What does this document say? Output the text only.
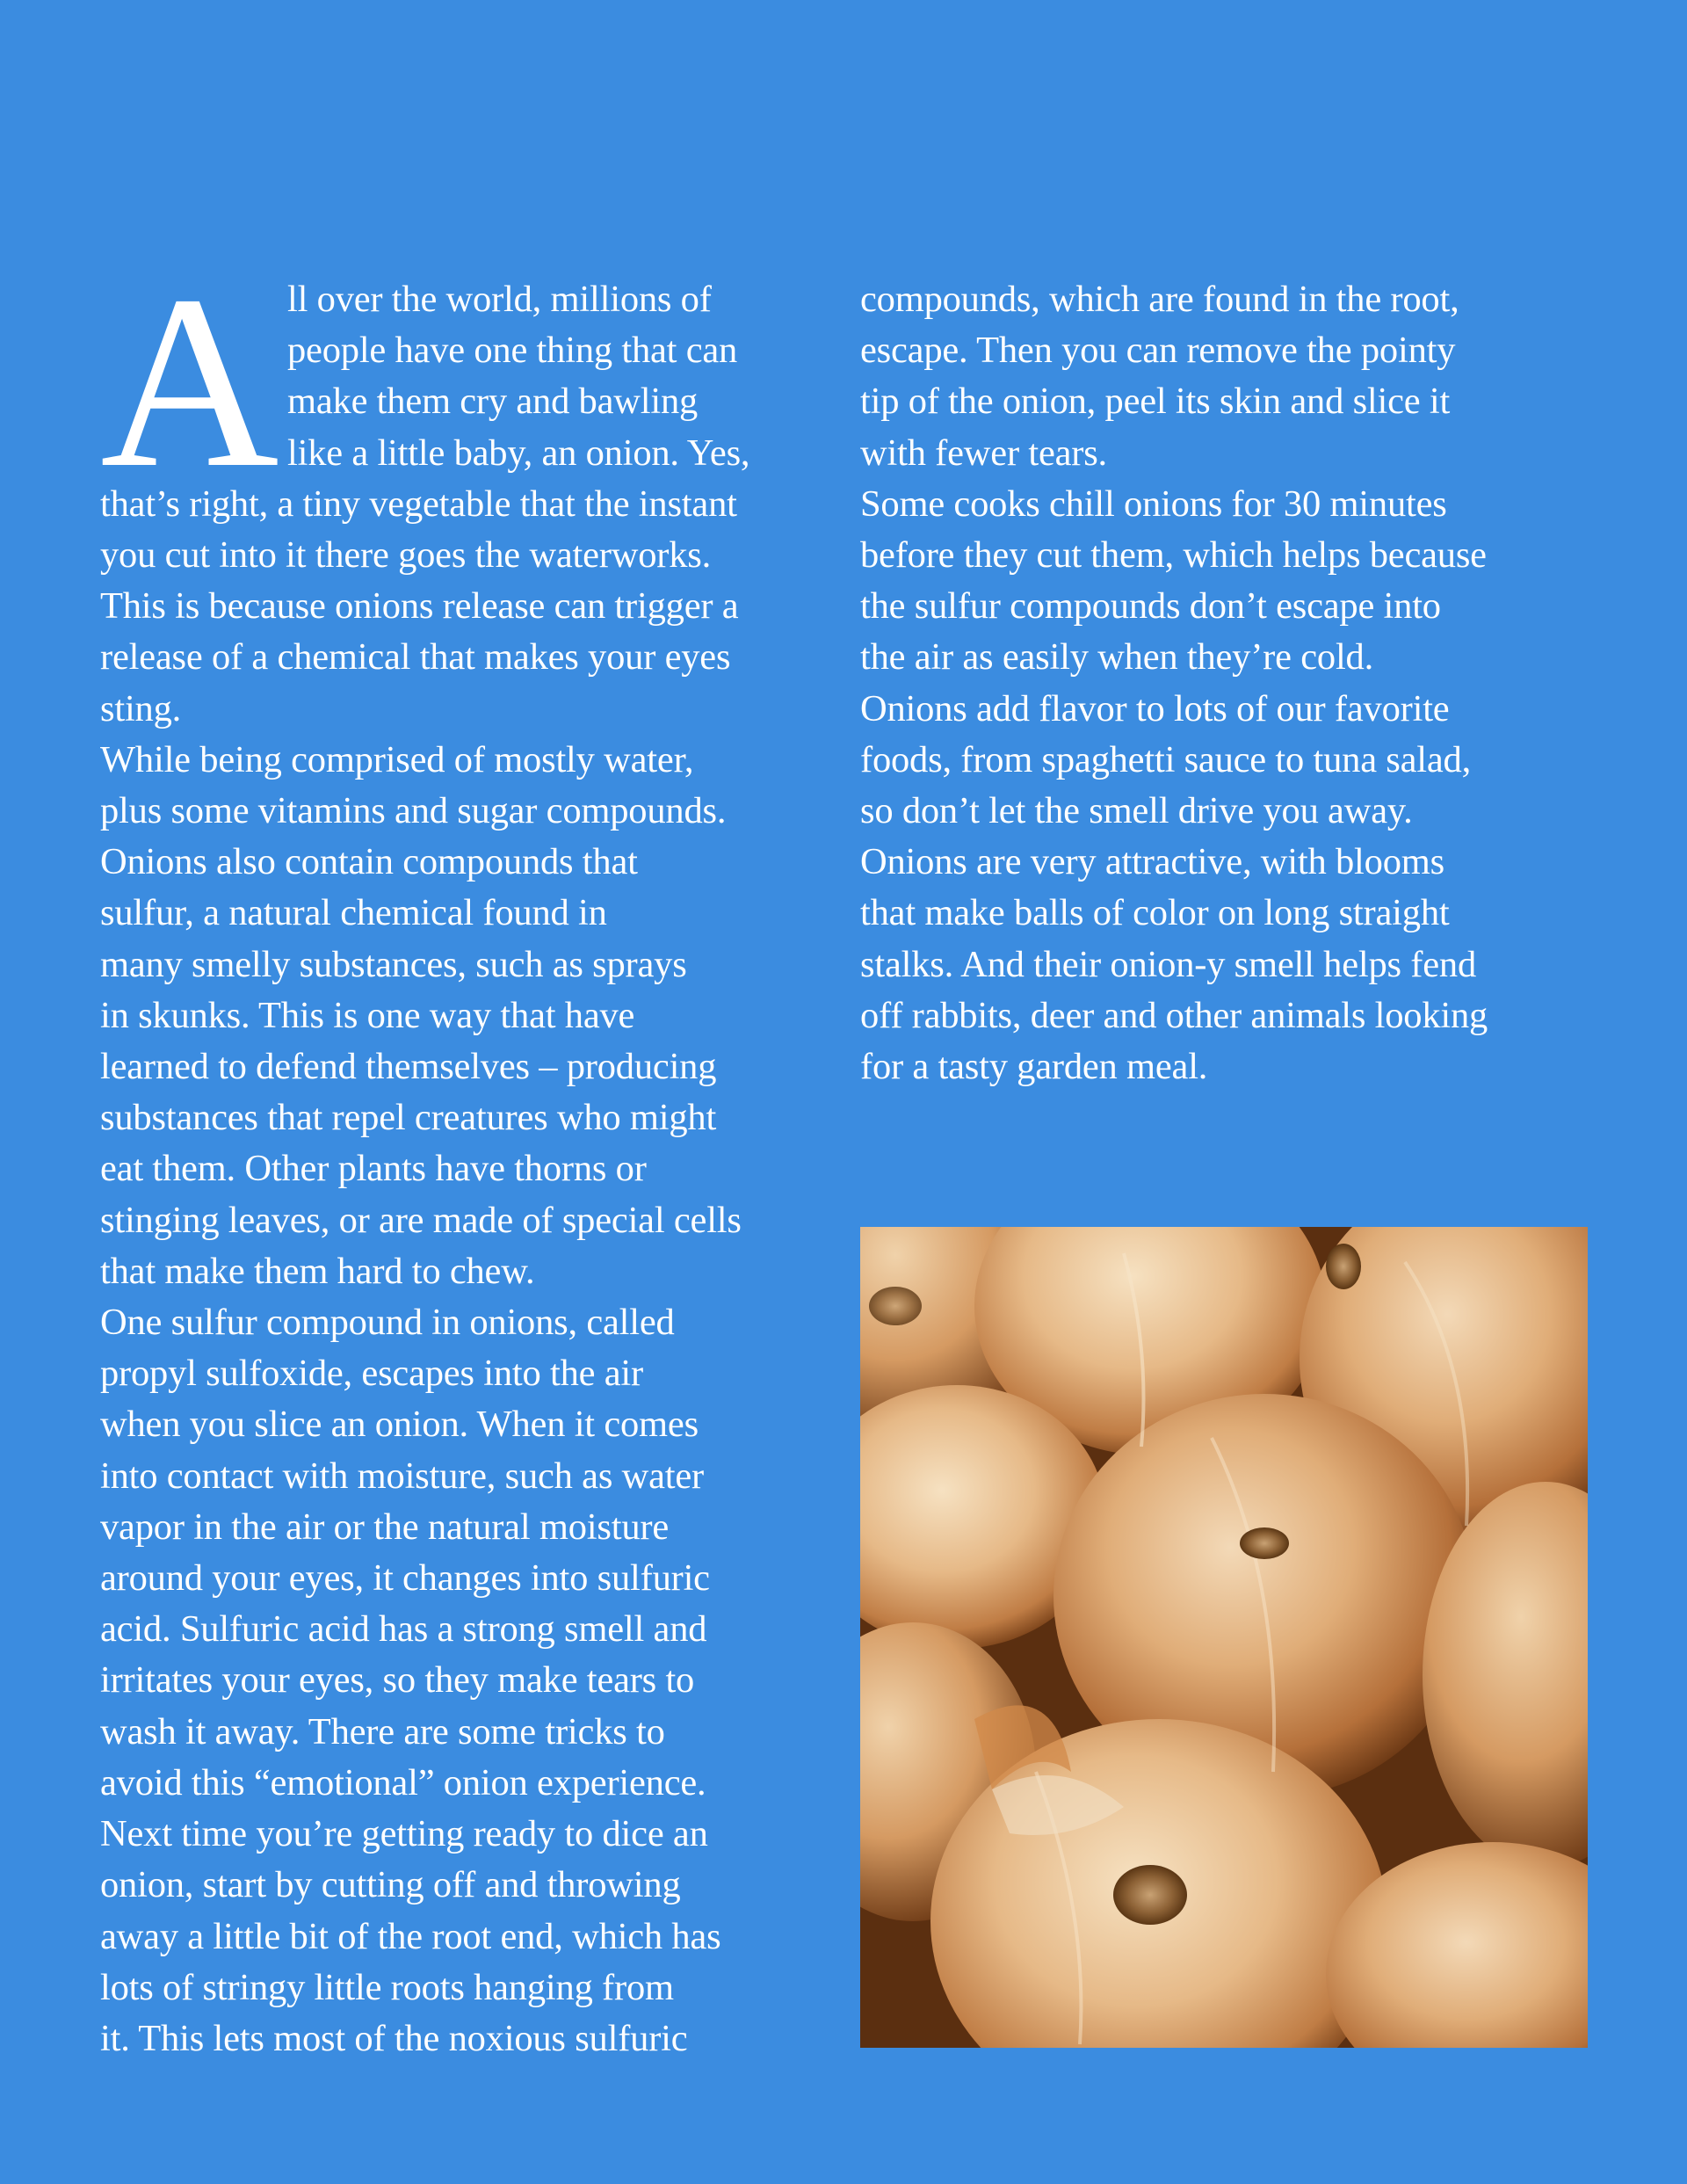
A ll over the world, millions of
people have one thing that can
make them cry and bawling
like a little baby, an onion. Yes,
that’s right, a tiny vegetable that the instant
you cut into it there goes the waterworks.
This is because onions release can trigger a
release of a chemical that makes your eyes
sting.
While being comprised of mostly water,
plus some vitamins and sugar compounds.
Onions also contain compounds that
sulfur, a natural chemical found in
many smelly substances, such as sprays
in skunks. This is one way that have
learned to defend themselves – producing
substances that repel creatures who might
eat them. Other plants have thorns or
stinging leaves, or are made of special cells
that make them hard to chew.
One sulfur compound in onions, called
propyl sulfoxide, escapes into the air
when you slice an onion. When it comes
into contact with moisture, such as water
vapor in the air or the natural moisture
around your eyes, it changes into sulfuric
acid. Sulfuric acid has a strong smell and
irritates your eyes, so they make tears to
wash it away. There are some tricks to
avoid this “emotional” onion experience.
Next time you’re getting ready to dice an
onion, start by cutting off and throwing
away a little bit of the root end, which has
lots of stringy little roots hanging from
it. This lets most of the noxious sulfuric
compounds, which are found in the root,
escape. Then you can remove the pointy
tip of the onion, peel its skin and slice it
with fewer tears.
Some cooks chill onions for 30 minutes
before they cut them, which helps because
the sulfur compounds don’t escape into
the air as easily when they’re cold.
Onions add flavor to lots of our favorite
foods, from spaghetti sauce to tuna salad,
so don’t let the smell drive you away.
Onions are very attractive, with blooms
that make balls of color on long straight
stalks. And their onion-y smell helps fend
off rabbits, deer and other animals looking
for a tasty garden meal.
